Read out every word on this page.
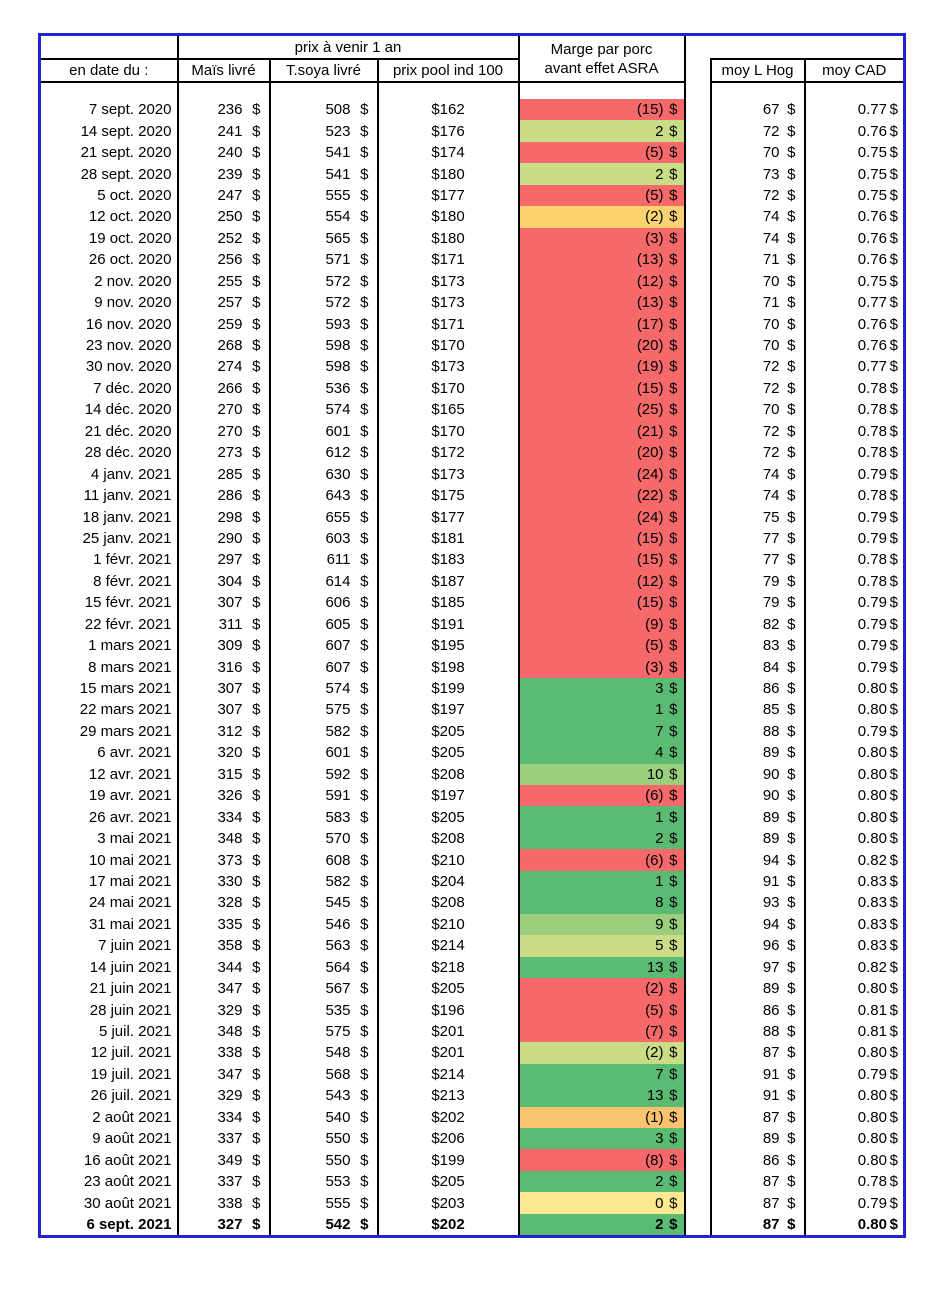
	prix à venir 1 an			Marge par porc
avant effet ASRA			

en date du :	Maïs livré	T.soya livré	prix pool ind 100			moy L Hog	moy CAD

7 sept. 2020	236 $	508 $	$162	(15) $		67 $	0.77 $

14 sept. 2020	241 $	523 $	$176	2 $		72 $	0.76 $

21 sept. 2020	240 $	541 $	$174	(5) $		70 $	0.75 $

28 sept. 2020	239 $	541 $	$180	2 $		73 $	0.75 $

5 oct. 2020	247 $	555 $	$177	(5) $		72 $	0.75 $

12 oct. 2020	250 $	554 $	$180	(2) $		74 $	0.76 $

19 oct. 2020	252 $	565 $	$180	(3) $		74 $	0.76 $

26 oct. 2020	256 $	571 $	$171	(13) $		71 $	0.76 $

2 nov. 2020	255 $	572 $	$173	(12) $		70 $	0.75 $

9 nov. 2020	257 $	572 $	$173	(13) $		71 $	0.77 $

16 nov. 2020	259 $	593 $	$171	(17) $		70 $	0.76 $

23 nov. 2020	268 $	598 $	$170	(20) $		70 $	0.76 $

30 nov. 2020	274 $	598 $	$173	(19) $		72 $	0.77 $

7 déc. 2020	266 $	536 $	$170	(15) $		72 $	0.78 $

14 déc. 2020	270 $	574 $	$165	(25) $		70 $	0.78 $

21 déc. 2020	270 $	601 $	$170	(21) $		72 $	0.78 $

28 déc. 2020	273 $	612 $	$172	(20) $		72 $	0.78 $

4 janv. 2021	285 $	630 $	$173	(24) $		74 $	0.79 $

11 janv. 2021	286 $	643 $	$175	(22) $		74 $	0.78 $

18 janv. 2021	298 $	655 $	$177	(24) $		75 $	0.79 $

25 janv. 2021	290 $	603 $	$181	(15) $		77 $	0.79 $

1 févr. 2021	297 $	611 $	$183	(15) $		77 $	0.78 $

8 févr. 2021	304 $	614 $	$187	(12) $		79 $	0.78 $

15 févr. 2021	307 $	606 $	$185	(15) $		79 $	0.79 $

22 févr. 2021	311 $	605 $	$191	(9) $		82 $	0.79 $

1 mars 2021	309 $	607 $	$195	(5) $		83 $	0.79 $

8 mars 2021	316 $	607 $	$198	(3) $		84 $	0.79 $

15 mars 2021	307 $	574 $	$199	3 $		86 $	0.80 $

22 mars 2021	307 $	575 $	$197	1 $		85 $	0.80 $

29 mars 2021	312 $	582 $	$205	7 $		88 $	0.79 $

6 avr. 2021	320 $	601 $	$205	4 $		89 $	0.80 $

12 avr. 2021	315 $	592 $	$208	10 $		90 $	0.80 $

19 avr. 2021	326 $	591 $	$197	(6) $		90 $	0.80 $

26 avr. 2021	334 $	583 $	$205	1 $		89 $	0.80 $

3 mai 2021	348 $	570 $	$208	2 $		89 $	0.80 $

10 mai 2021	373 $	608 $	$210	(6) $		94 $	0.82 $

17 mai 2021	330 $	582 $	$204	1 $		91 $	0.83 $

24 mai 2021	328 $	545 $	$208	8 $		93 $	0.83 $

31 mai 2021	335 $	546 $	$210	9 $		94 $	0.83 $

7 juin 2021	358 $	563 $	$214	5 $		96 $	0.83 $

14 juin 2021	344 $	564 $	$218	13 $		97 $	0.82 $

21 juin 2021	347 $	567 $	$205	(2) $		89 $	0.80 $

28 juin 2021	329 $	535 $	$196	(5) $		86 $	0.81 $

5 juil. 2021	348 $	575 $	$201	(7) $		88 $	0.81 $

12 juil. 2021	338 $	548 $	$201	(2) $		87 $	0.80 $

19 juil. 2021	347 $	568 $	$214	7 $		91 $	0.79 $

26 juil. 2021	329 $	543 $	$213	13 $		91 $	0.80 $

2 août 2021	334 $	540 $	$202	(1) $		87 $	0.80 $

9 août 2021	337 $	550 $	$206	3 $		89 $	0.80 $

16 août 2021	349 $	550 $	$199	(8) $		86 $	0.80 $

23 août 2021	337 $	553 $	$205	2 $		87 $	0.78 $

30 août 2021	338 $	555 $	$203	0 $		87 $	0.79 $

6 sept. 2021	327 $	542 $	$202	2 $		87 $	0.80 $
